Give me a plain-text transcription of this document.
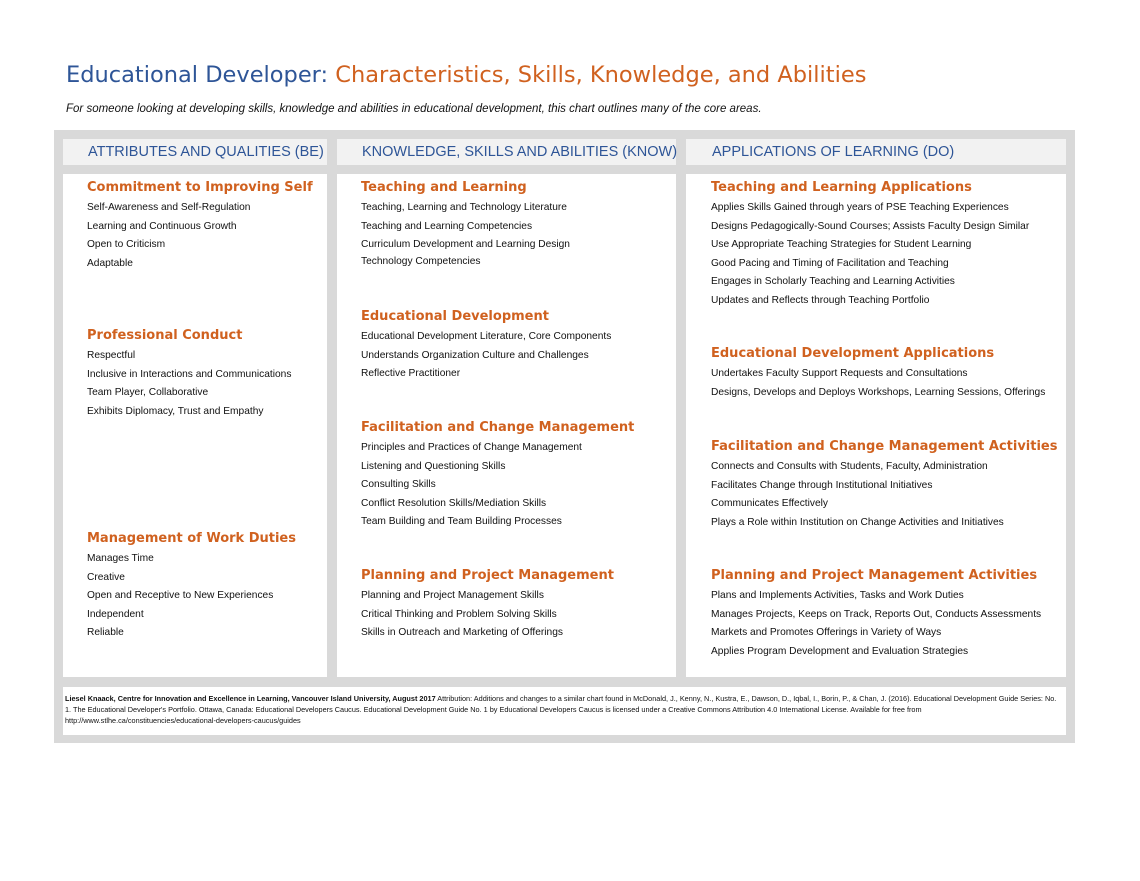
Educational Developer: Characteristics, Skills, Knowledge, and Abilities

For someone looking at developing skills, knowledge and abilities in educational development, this chart outlines many of the core areas.

ATTRIBUTES AND QUALITIES (BE)	KNOWLEDGE, SKILLS AND ABILITIES (KNOW)	APPLICATIONS OF LEARNING (DO)
Commitment to Improving Self
Self-Awareness and Self-Regulation
Learning and Continuous Growth
Open to Criticism
Adaptable
Professional Conduct
Respectful
Inclusive in Interactions and Communications
Team Player, Collaborative
Exhibits Diplomacy, Trust and Empathy
Management of Work Duties
Manages Time
Creative
Open and Receptive to New Experiences
Independent
Reliable
Teaching and Learning
Teaching, Learning and Technology Literature
Teaching and Learning Competencies
Curriculum Development and Learning Design
Technology Competencies
Educational Development
Educational Development Literature, Core Components
Understands Organization Culture and Challenges
Reflective Practitioner
Facilitation and Change Management
Principles and Practices of Change Management
Listening and Questioning Skills
Consulting Skills
Conflict Resolution Skills/Mediation Skills
Team Building and Team Building Processes
Planning and Project Management
Planning and Project Management Skills
Critical Thinking and Problem Solving Skills
Skills in Outreach and Marketing of Offerings
Teaching and Learning Applications
Applies Skills Gained through years of PSE Teaching Experiences
Designs Pedagogically-Sound Courses; Assists Faculty Design Similar
Use Appropriate Teaching Strategies for Student Learning
Good Pacing and Timing of Facilitation and Teaching
Engages in Scholarly Teaching and Learning Activities
Updates and Reflects through Teaching Portfolio
Educational Development Applications
Undertakes Faculty Support Requests and Consultations
Designs, Develops and Deploys Workshops, Learning Sessions, Offerings
Facilitation and Change Management Activities
Connects and Consults with Students, Faculty, Administration
Facilitates Change through Institutional Initiatives
Communicates Effectively
Plays a Role within Institution on Change Activities and Initiatives
Planning and Project Management Activities
Plans and Implements Activities, Tasks and Work Duties
Manages Projects, Keeps on Track, Reports Out, Conducts Assessments
Markets and Promotes Offerings in Variety of Ways
Applies Program Development and Evaluation Strategies
Liesel Knaack, Centre for Innovation and Excellence in Learning, Vancouver Island University, August 2017 Attribution: Additions and changes to a similar chart found in McDonald, J., Kenny, N., Kustra, E., Dawson, D., Iqbal, I., Borin, P., & Chan, J. (2016). Educational Development Guide Series: No. 1. The Educational Developer's Portfolio. Ottawa, Canada: Educational Developers Caucus. Educational Development Guide No. 1 by Educational Developers Caucus is licensed under a Creative Commons Attribution 4.0 International License. Available for free from http://www.stlhe.ca/constituencies/educational-developers-caucus/guides
